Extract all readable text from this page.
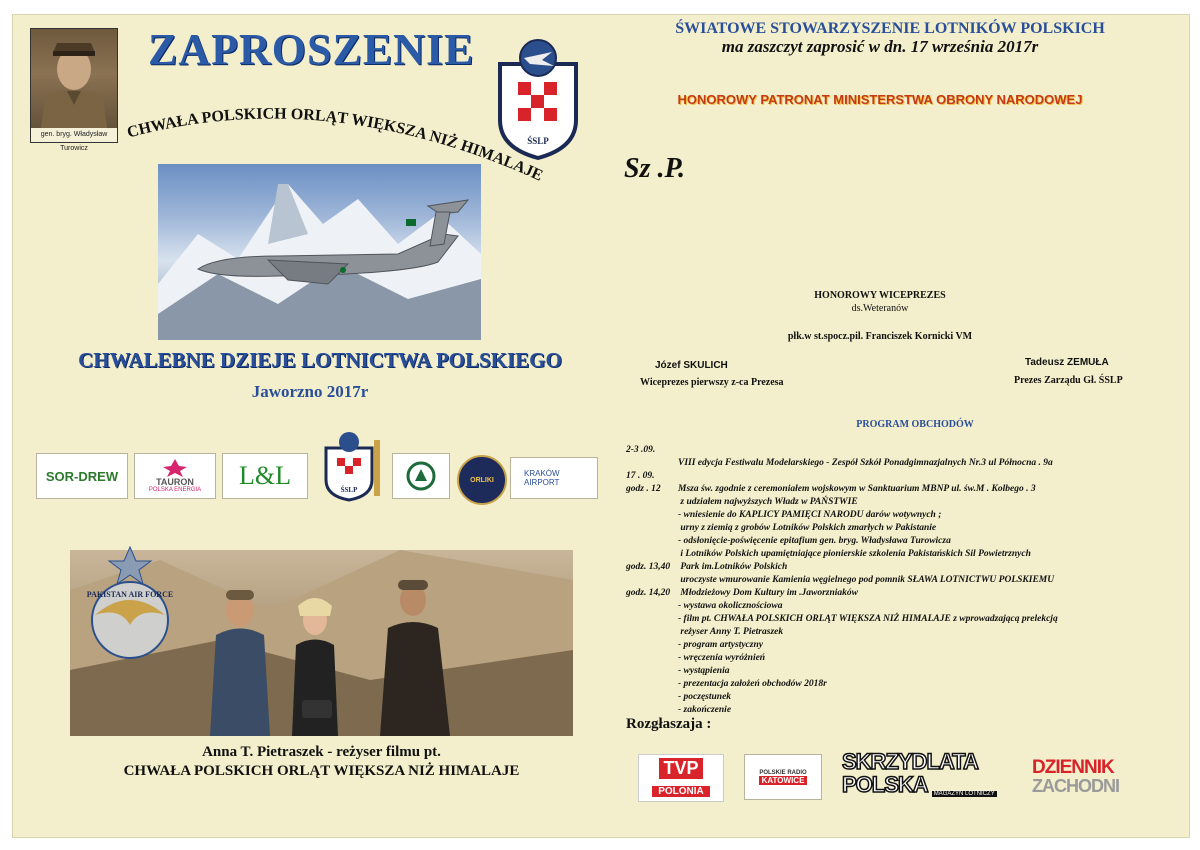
gen. bryg. Władysław Turowicz
ZAPROSZENIE
CHWAŁA POLSKICH ORLĄT WIĘKSZA NIŻ HIMALAJE
ŚSLP
CHWALEBNE DZIEJE LOTNICTWA POLSKIEGO
Jaworzno 2017r
SOR-DREW	TAURON
POLSKA ENERGIA L&L	ŚSLP
ORLIKI
KRAKÓW AIRPORT
PAKISTAN AIR FORCE
Anna T. Pietraszek - reżyser filmu pt.
CHWAŁA POLSKICH ORLĄT WIĘKSZA NIŻ HIMALAJE
ŚWIATOWE STOWARZYSZENIE LOTNIKÓW POLSKICH
ma zaszczyt zaprosić w dn. 17 września 2017r
HONOROWY PATRONAT MINISTERSTWA OBRONY NARODOWEJ
Sz .P.
HONOROWY WICEPREZES
ds.Weteranów
płk.w st.spocz.pil. Franciszek Kornicki VM
Józef SKULICH
Wiceprezes pierwszy z-ca Prezesa
Tadeusz ZEMUŁA
Prezes Zarządu Gł. ŚSLP
PROGRAM OBCHODÓW
2-3 .09.
VIII edycja Festiwalu Modelarskiego - Zespół Szkół Ponadgimnazjalnych Nr.3 ul Północna . 9a
17 . 09.
godz . 12 Msza św. zgodnie z ceremoniałem wojskowym w Sanktuarium MBNP ul. św.M . Kolbego . 3
z udziałem najwyższych Władz w PAŃSTWIE
- wniesienie do KAPLICY PAMIĘCI NARODU darów wotywnych ;
urny z ziemią z grobów Lotników Polskich zmarłych w Pakistanie
- odsłonięcie-poświęcenie epitafium gen. bryg. Władysława Turowicza
i Lotników Polskich upamiętniające pionierskie szkolenia Pakistańskich Sil Powietrznych
godz. 13,40 Park im.Lotników Polskich
uroczyste wmurowanie Kamienia węgielnego pod pomnik SŁAWA LOTNICTWU POLSKIEMU
godz. 14,20 Młodzieżowy Dom Kultury im .Jaworzniaków
- wystawa okolicznościowa
- film pt. CHWAŁA POLSKICH ORLĄT WIĘKSZA NIŻ HIMALAJE z wprowadzającą prelekcją
reżyser Anny T. Pietraszek
- program artystyczny
- wręczenia wyróżnień
- wystąpienia
- prezentacja założeń obchodów 2018r
- poczęstunek
- zakończenie
Rozgłaszaja :
TVP
POLONIA
POLSKIE RADIO
KATOWICE
SKRZYDLATA
POLSKA MAGAZYN LOTNICZY
DZIENNIK
ZACHODNI
